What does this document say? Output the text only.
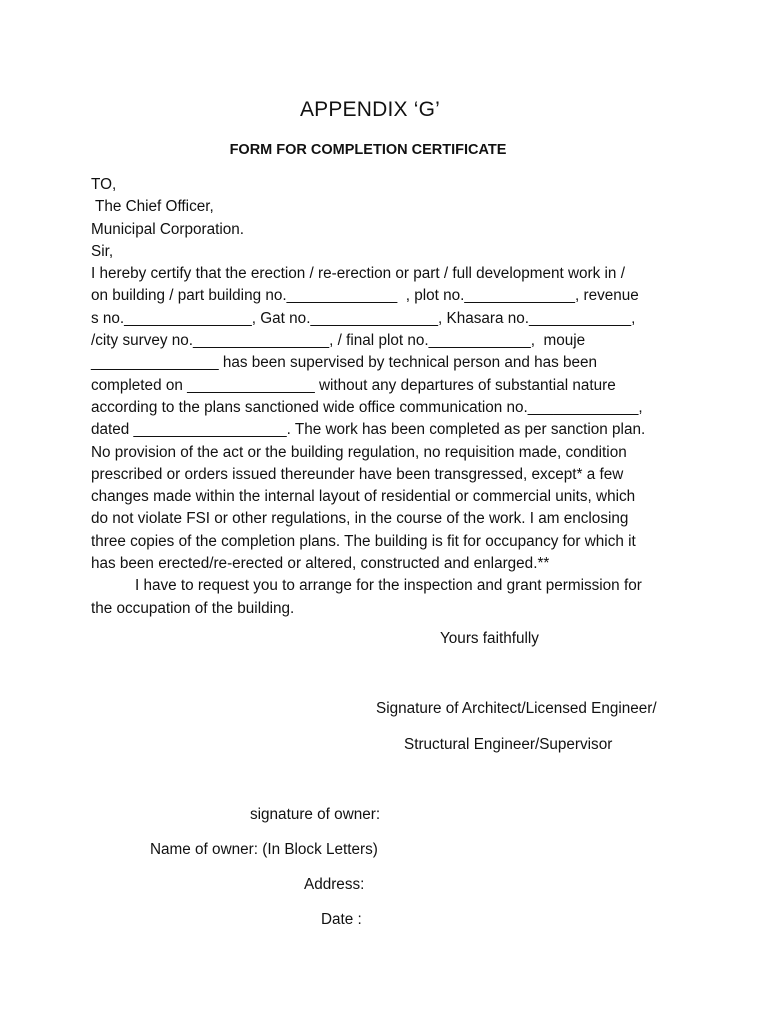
APPENDIX ‘G’
FORM FOR COMPLETION CERTIFICATE
TO,
The Chief Officer,
Municipal Corporation.
Sir,
I hereby certify that the erection / re-erection or part / full development work in /
on building / part building no._____________  , plot no._____________, revenue
s no._______________, Gat no._______________, Khasara no.____________,
/city survey no.________________, / final plot no.____________,  mouje
_______________ has been supervised by technical person and has been
completed on _______________ without any departures of substantial nature
according to the plans sanctioned wide office communication no._____________,
dated __________________. The work has been completed as per sanction plan.
No provision of the act or the building regulation, no requisition made, condition
prescribed or orders issued thereunder have been transgressed, except* a few
changes made within the internal layout of residential or commercial units, which
do not violate FSI or other regulations, in the course of the work. I am enclosing
three copies of the completion plans. The building is fit for occupancy for which it
has been erected/re-erected or altered, constructed and enlarged.**
I have to request you to arrange for the inspection and grant permission for
the occupation of the building.
Yours faithfully
Signature of Architect/Licensed Engineer/
Structural Engineer/Supervisor
signature of owner:
Name of owner: (In Block Letters)
Address:
Date :
